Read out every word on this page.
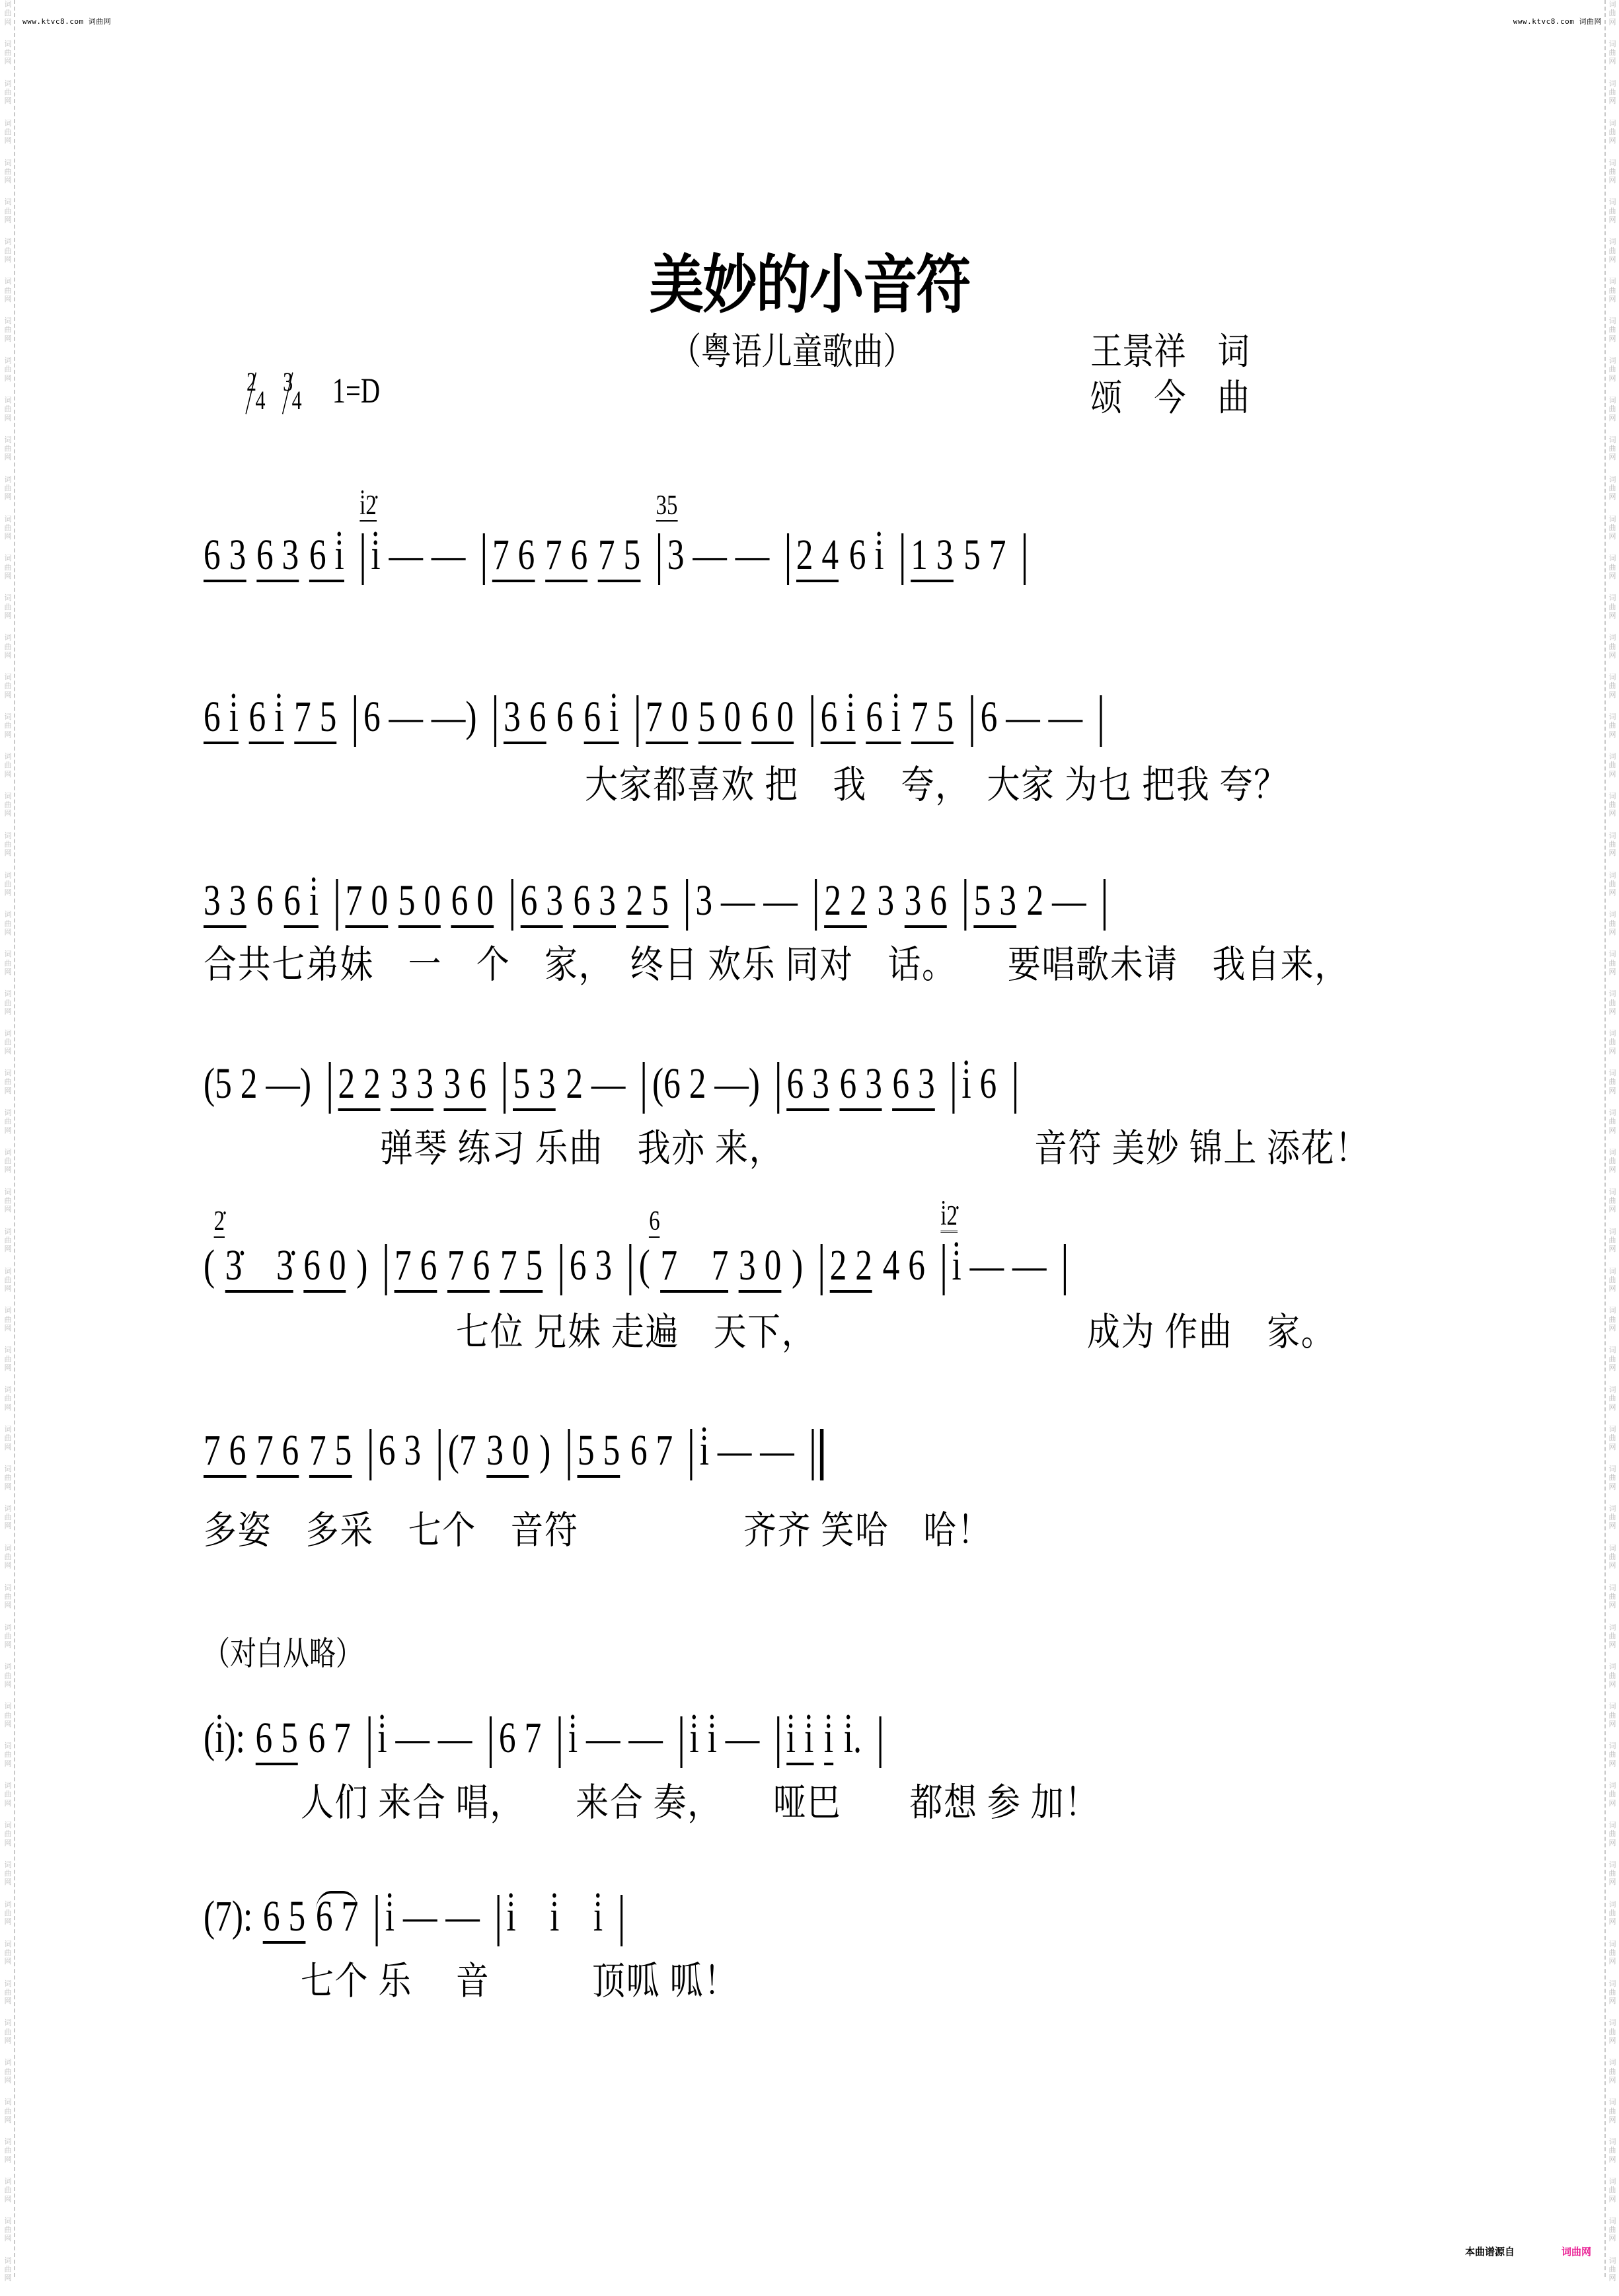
词
曲
网
词
曲
网
词
曲
网
词
曲
网
词
曲
网
词
曲
网
词
曲
网
词
曲
网
词
曲
网
词
曲
网
词
曲
网
词
曲
网
词
曲
网
词
曲
网
词
曲
网
词
曲
网
词
曲
网
词
曲
网
词
曲
网
词
曲
网
词
曲
网
词
曲
网
词
曲
网
词
曲
网
词
曲
网
词
曲
网
词
曲
网
词
曲
网
词
曲
网
词
曲
网
词
曲
网
词
曲
网
词
曲
网
词
曲
网
词
曲
网
词
曲
网
词
曲
网
词
曲
网
词
曲
网
词
曲
网
词
曲
网
词
曲
网
词
曲
网
词
曲
网
词
曲
网
词
曲
网
词
曲
网
词
曲
网
词
曲
网
词
曲
网
词
曲
网
词
曲
网
词
曲
网
词
曲
网
词
曲
网
词
曲
网
词
曲
网
词
曲
网
词
曲
网
词
曲
网
词
曲
网
词
曲
网
词
曲
网
词
曲
网
词
曲
网
词
曲
网
词
曲
网
词
曲
网
词
曲
网
词
曲
网
词
曲
网
词
曲
网
词
曲
网
词
曲
网
词
曲
网
词
曲
网
词
曲
网
词
曲
网
词
曲
网
词
曲
网
词
曲
网
词
曲
网
词
曲
网
词
曲
网
词
曲
网
词
曲
网
词
曲
网
词
曲
网
词
曲
网
词
曲
网
词
曲
网
词
曲
网
词
曲
网
词
曲
网
词
曲
网
词
曲
网
词
曲
网
词
曲
网
词
曲
网
词
曲
网
词
曲
网
词
曲
网
词
曲
网
词
曲
网
词
曲
网
词
曲
网
词
曲
网
词
曲
网
词
曲
网
词
曲
网
词
曲
网
词
曲
网
词
曲
网
词
曲
网
词
曲
网
词
曲
网
www.ktvc8.com 词曲网	www.ktvc8.com 词曲网
本曲谱源自	词曲网
美妙的小音符
（粤语儿童歌曲）	王景祥　词
颂　今　曲
2
4

3
4 1=D
6 3 6 3 6 i̇
i̇2̇
i̇ — — 7 6 7 6 7 5
35
3 — — 2 4 6 i̇ 1 3 5 7
6 i̇ 6 i̇ 7 5 6 — —) 3 6 6 6 i̇ 7 0 5 0 6 0 6 i̇ 6 i̇ 7 5 6 — —
大家都喜欢 把　我　夸，　大家 为乜 把我 夸？
3 3 6 6 i̇ 7 0 5 0 6 0 6 3 6 3 2 5 3 — — 2 2 3 3 6 5 3 2 —
合共七弟妹　一　个　家，　终日 欢乐 同对　话。　　要唱歌未请　我自来，
(5 2 —) 2 2 3 3 3 6 5 3 2 — (6 2 —) 6 3 6 3 6 3 i̇ 6
弹琴 练习 乐曲　我亦 来，	音符 美妙 锦上 添花！
(
2̇
3̇　3̇ 6 0 ) 7 6 7 6 7 5 6 3 (
6
7　7 3 0 ) 2 2 4 6
i̇2̇
i̇ — —
七位 兄妹 走遍　天下，	成为 作曲　家。
7 6 7 6 7 5 6 3 (7 3 0 ) 5 5 6 7 i̇ — —
多姿　多采　七个　音符	齐齐 笑哈　哈！
（对白从略）
(i̇): 6 5 6 7 i̇ — — 6 7 i̇ — — i̇ i̇ — i̇ i̇ i̇ i̇.
人们 来合 唱，　　来合 奏，　　哑巴　　都想 参 加！
(7): 6 5 6 7 i̇ — — i̇　i̇　i̇
七个 乐　 音　　　顶呱 呱！
